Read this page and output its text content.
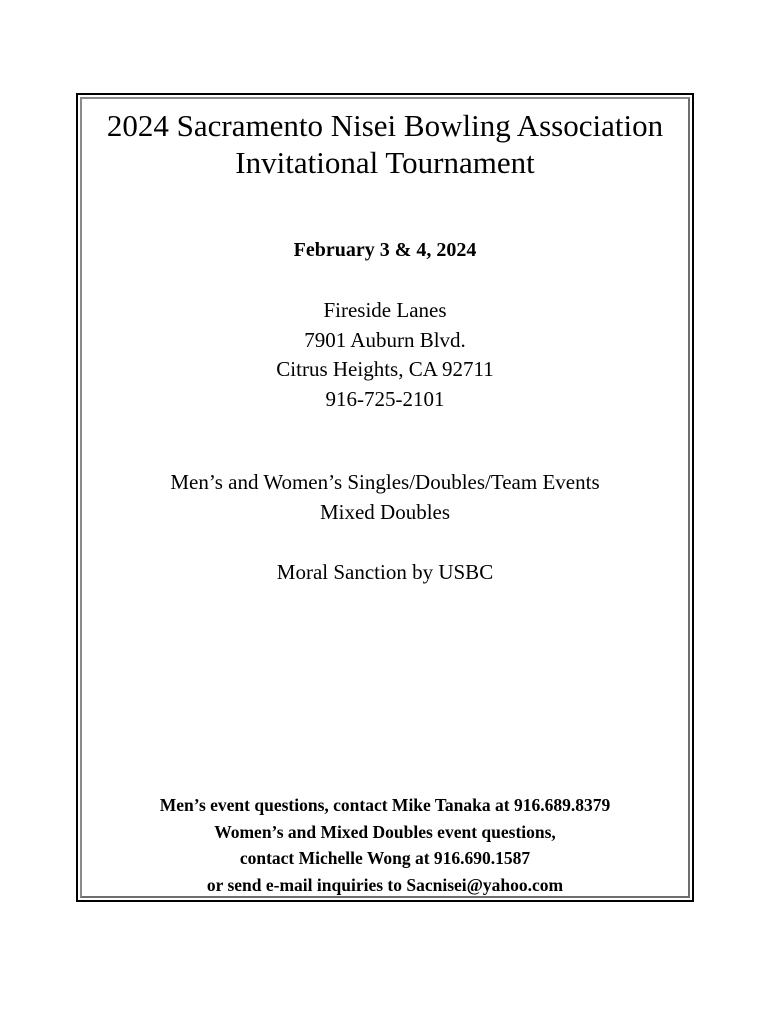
2024 Sacramento Nisei Bowling Association
Invitational Tournament
February 3 & 4, 2024
Fireside Lanes
7901 Auburn Blvd.
Citrus Heights, CA 92711
916-725-2101
Men’s and Women’s Singles/Doubles/Team Events
Mixed Doubles
Moral Sanction by USBC
Men’s event questions, contact Mike Tanaka at 916.689.8379
Women’s and Mixed Doubles event questions,
contact Michelle Wong at 916.690.1587
or send e-mail inquiries to Sacnisei@yahoo.com
